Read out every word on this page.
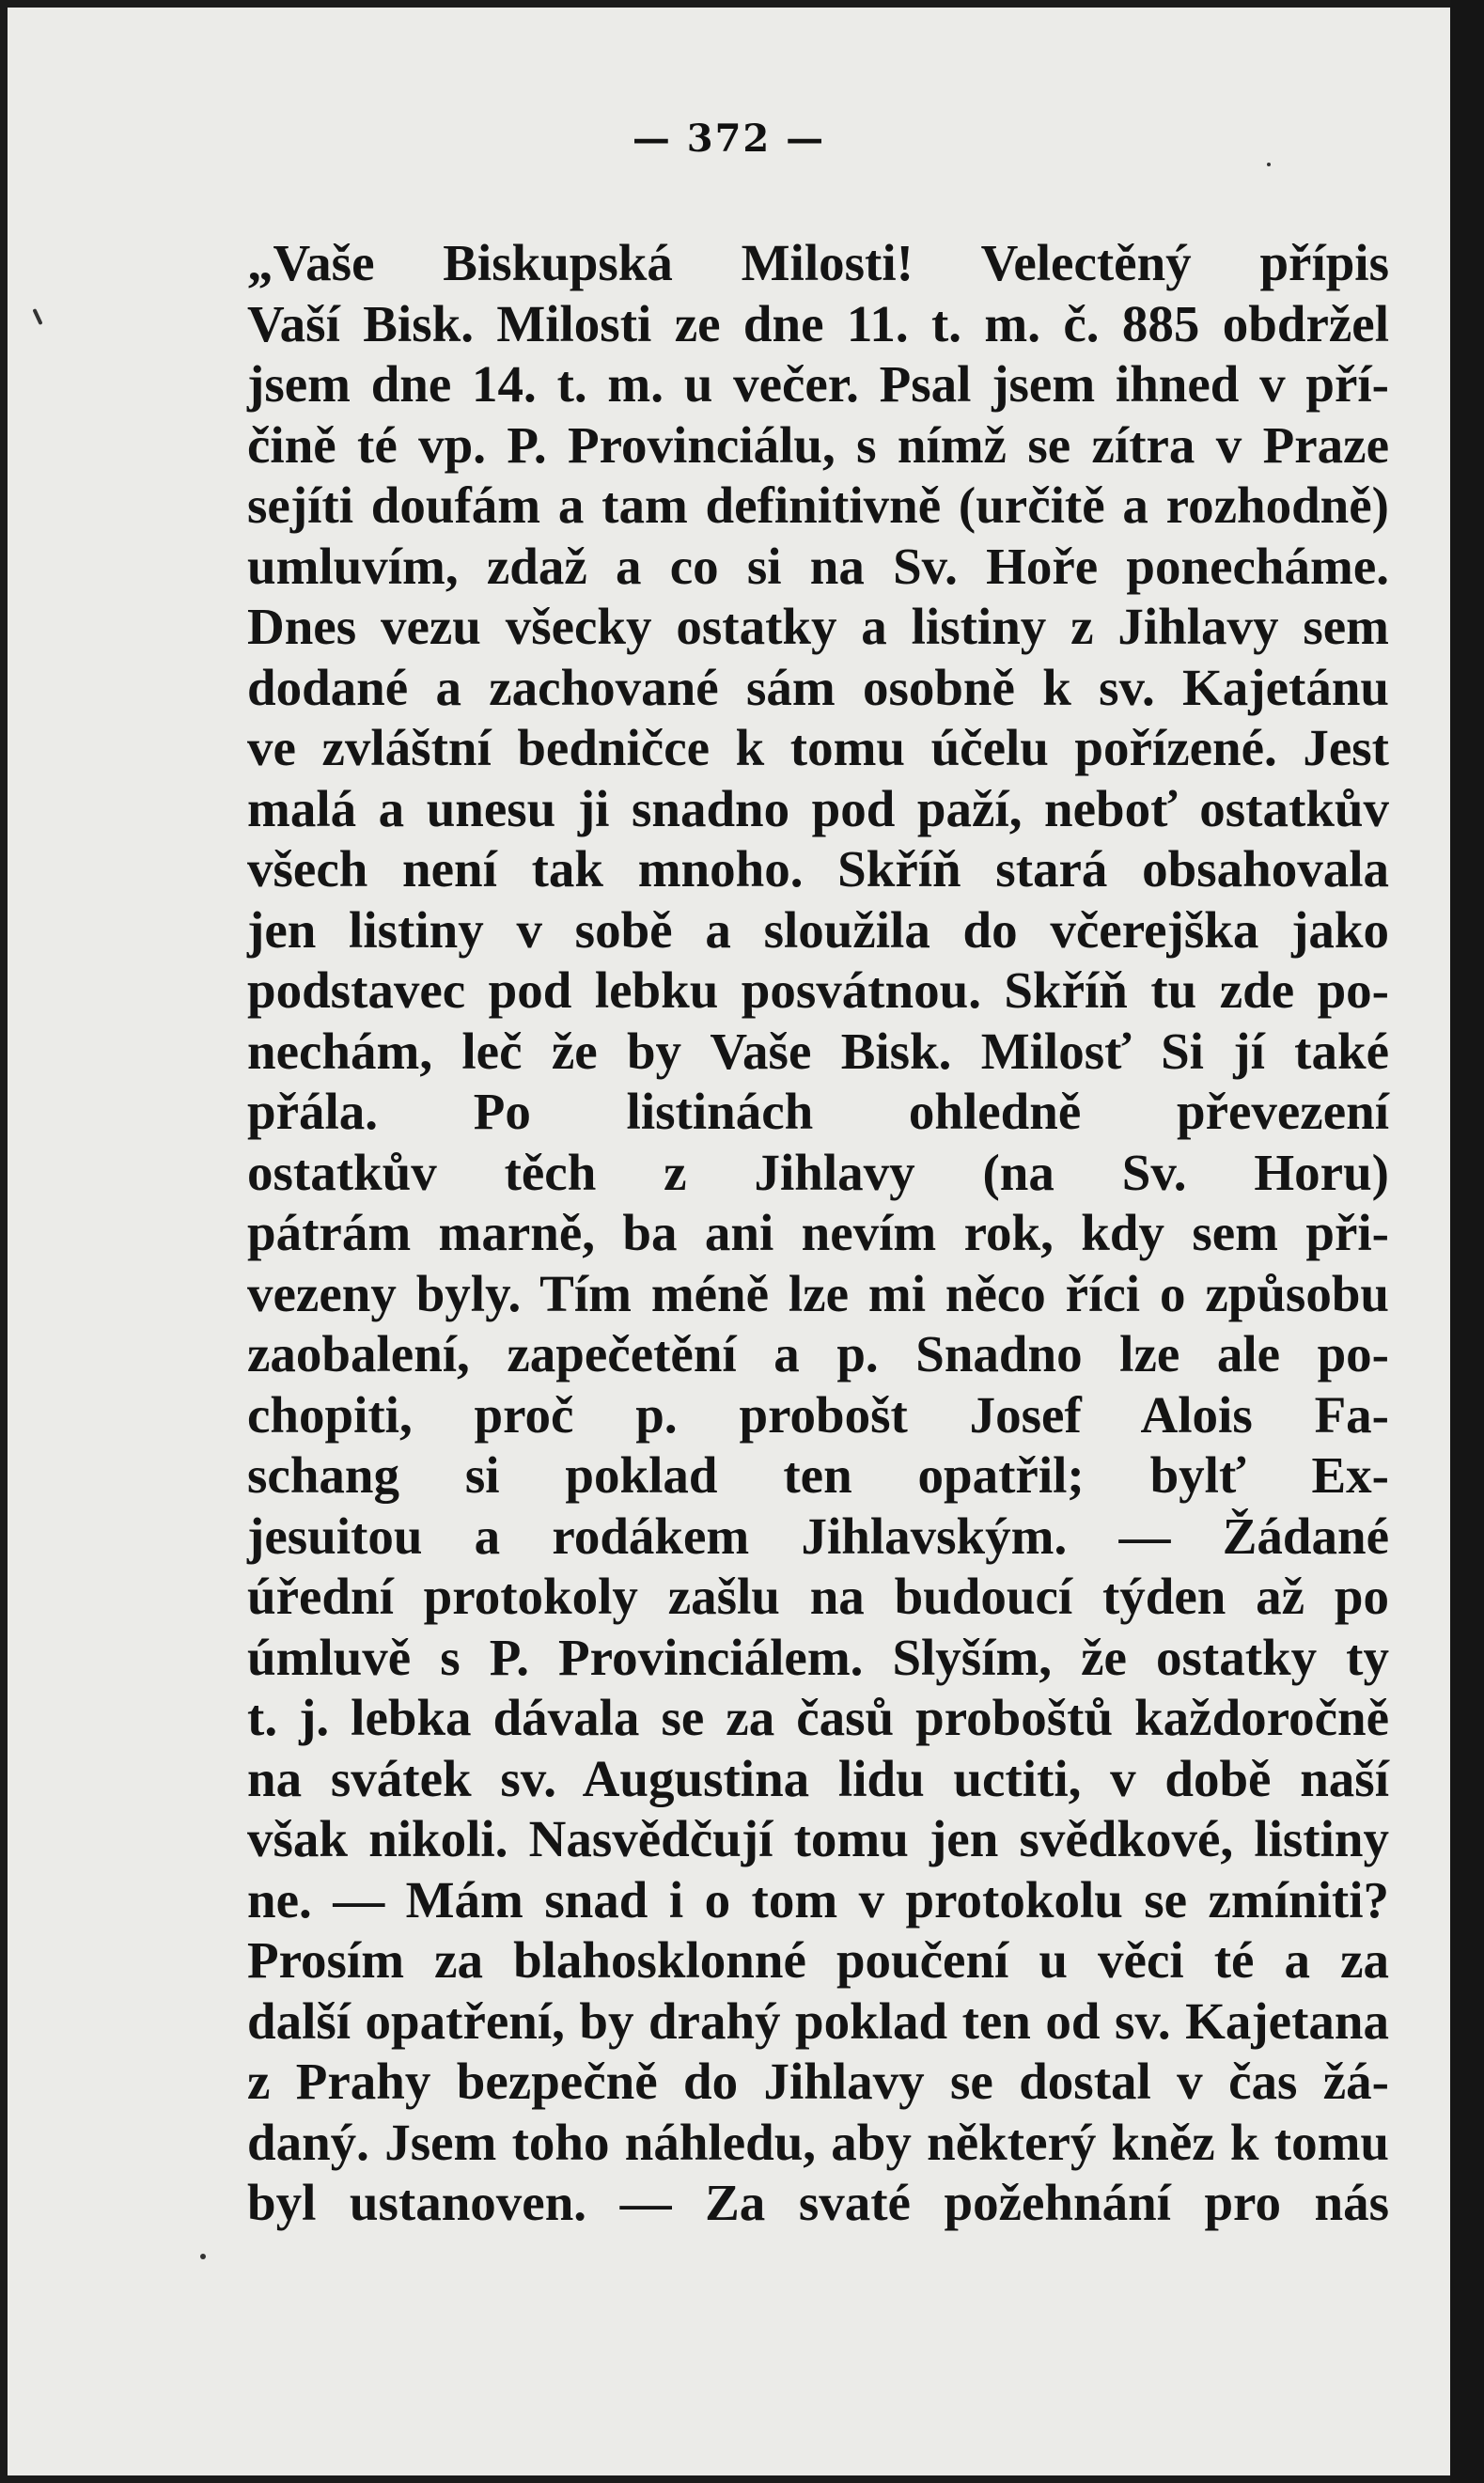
— 372 —
„Vaše Biskupská Milosti! Velectěný přípis
Vaší Bisk. Milosti ze dne 11. t. m. č. 885 obdržel
jsem dne 14. t. m. u večer. Psal jsem ihned v pří-
čině té vp. P. Provinciálu, s nímž se zítra v Praze
sejíti doufám a tam definitivně (určitě a rozhodně)
umluvím, zdaž a co si na Sv. Hoře ponecháme.
Dnes vezu všecky ostatky a listiny z Jihlavy sem
dodané a zachované sám osobně k sv. Kajetánu
ve zvláštní bedničce k tomu účelu pořízené. Jest
malá a unesu ji snadno pod paží, neboť ostatkův
všech není tak mnoho. Skříň stará obsahovala
jen listiny v sobě a sloužila do včerejška jako
podstavec pod lebku posvátnou. Skříň tu zde po-
nechám, leč že by Vaše Bisk. Milosť Si jí také
přála. Po listinách ohledně převezení
ostatkův těch z Jihlavy (na Sv. Horu)
pátrám marně, ba ani nevím rok, kdy sem při-
vezeny byly. Tím méně lze mi něco říci o způsobu
zaobalení, zapečetění a p. Snadno lze ale po-
chopiti, proč p. probošt Josef Alois Fa-
schang si poklad ten opatřil; bylť Ex-
jesuitou a rodákem Jihlavským. — Žádané
úřední protokoly zašlu na budoucí týden až po
úmluvě s P. Provinciálem. Slyším, že ostatky ty
t. j. lebka dávala se za časů proboštů každoročně
na svátek sv. Augustina lidu uctiti, v době naší
však nikoli. Nasvědčují tomu jen svědkové, listiny
ne. — Mám snad i o tom v protokolu se zmíniti?
Prosím za blahosklonné poučení u věci té a za
další opatření, by drahý poklad ten od sv. Kajetana
z Prahy bezpečně do Jihlavy se dostal v čas žá-
daný. Jsem toho náhledu, aby některý kněz k tomu
byl ustanoven. — Za svaté požehnání pro nás
